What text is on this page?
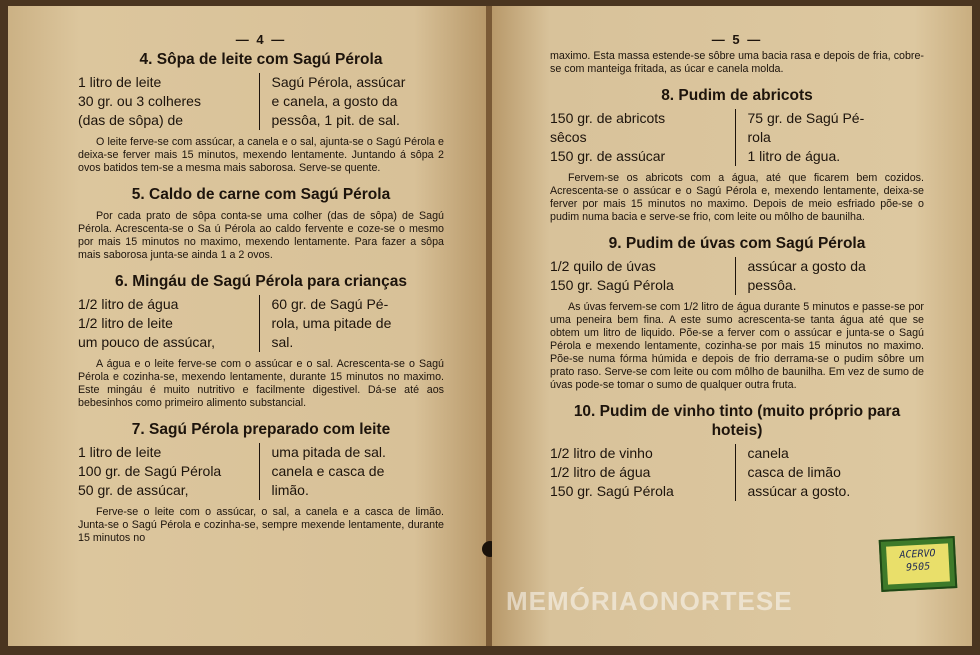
— 4 —
4. Sôpa de leite com Sagú Pérola
1 litro de leite
30 gr. ou 3 colheres
(das de sôpa) de
Sagú Pérola, assúcar
e canela, a gosto da
pessôa, 1 pit. de sal.

O leite ferve-se com assúcar, a canela e o sal, ajunta-se o Sagú Pérola e deixa-se ferver mais 15 minutos, mexendo lentamente. Juntando á sôpa 2 ovos batidos tem-se a mesma mais saborosa. Serve-se quente.

5. Caldo de carne com Sagú Pérola

Por cada prato de sôpa conta-se uma colher (das de sôpa) de Sagú Pérola. Acrescenta-se o Sa ú Pérola ao caldo fervente e coze-se o mesmo por mais 15 minutos no maximo, mexendo lentamente. Para fazer a sôpa mais saborosa junta-se ainda 1 a 2 ovos.

6. Mingáu de Sagú Pérola para crianças
1/2 litro de água
1/2 litro de leite
um pouco de assúcar,
60 gr. de Sagú Pé-
rola, uma pitade de
sal.

A água e o leite ferve-se com o assúcar e o sal. Acrescenta-se o Sagú Pérola e cozinha-se, mexendo lentamente, durante 15 minutos no maximo. Este mingáu é muito nutritivo e facilmente digestivel. Dá-se até aos bebesinhos como primeiro alimento substancial.

7. Sagú Pérola preparado com leite
1 litro de leite
100 gr. de Sagú Pérola
50 gr. de assúcar,
uma pitada de sal.
canela e casca de
limão.

Ferve-se o leite com o assúcar, o sal, a canela e a casca de limão. Junta-se o Sagú Pérola e cozinha-se, sempre mexende lentamente, durante 15 minutos no

— 5 —

maximo. Esta massa estende-se sôbre uma bacia rasa e depois de fria, cobre-se com manteiga fritada, as úcar e canela molda.

8. Pudim de abricots
150 gr. de abricots
sêcos
150 gr. de assúcar
75 gr. de Sagú Pé-
rola
1 litro de água.

Fervem-se os abricots com a água, até que ficarem bem cozidos. Acrescenta-se o assúcar e o Sagú Pérola e, mexendo lentamente, deixa-se ferver por mais 15 minutos no maximo. Depois de meio esfriado põe-se o pudim numa bacia e serve-se frio, com leite ou môlho de baunilha.

9. Pudim de úvas com Sagú Pérola
1/2 quilo de úvas
150 gr. Sagú Pérola
assúcar a gosto da
pessôa.

As úvas fervem-se com 1/2 litro de água durante 5 minutos e passe-se por uma peneira bem fina. A este sumo acrescenta-se tanta água até que se obtem um litro de liquido. Põe-se a ferver com o assúcar e junta-se o Sagú Pérola e mexendo lentamente, cozinha-se por mais 15 minutos no maximo. Põe-se numa fórma húmida e depois de frio derrama-se o pudim sôbre um prato raso. Serve-se com leite ou com môlho de baunilha. Em vez de sumo de úvas pode-se tomar o sumo de qualquer outra fruta.

10. Pudim de vinho tinto (muito próprio para hoteis)
1/2 litro de vinho
1/2 litro de água
150 gr. Sagú Pérola
canela
casca de limão
assúcar a gosto.
ACERVO
9505
MEMÓRIAONORTESE
